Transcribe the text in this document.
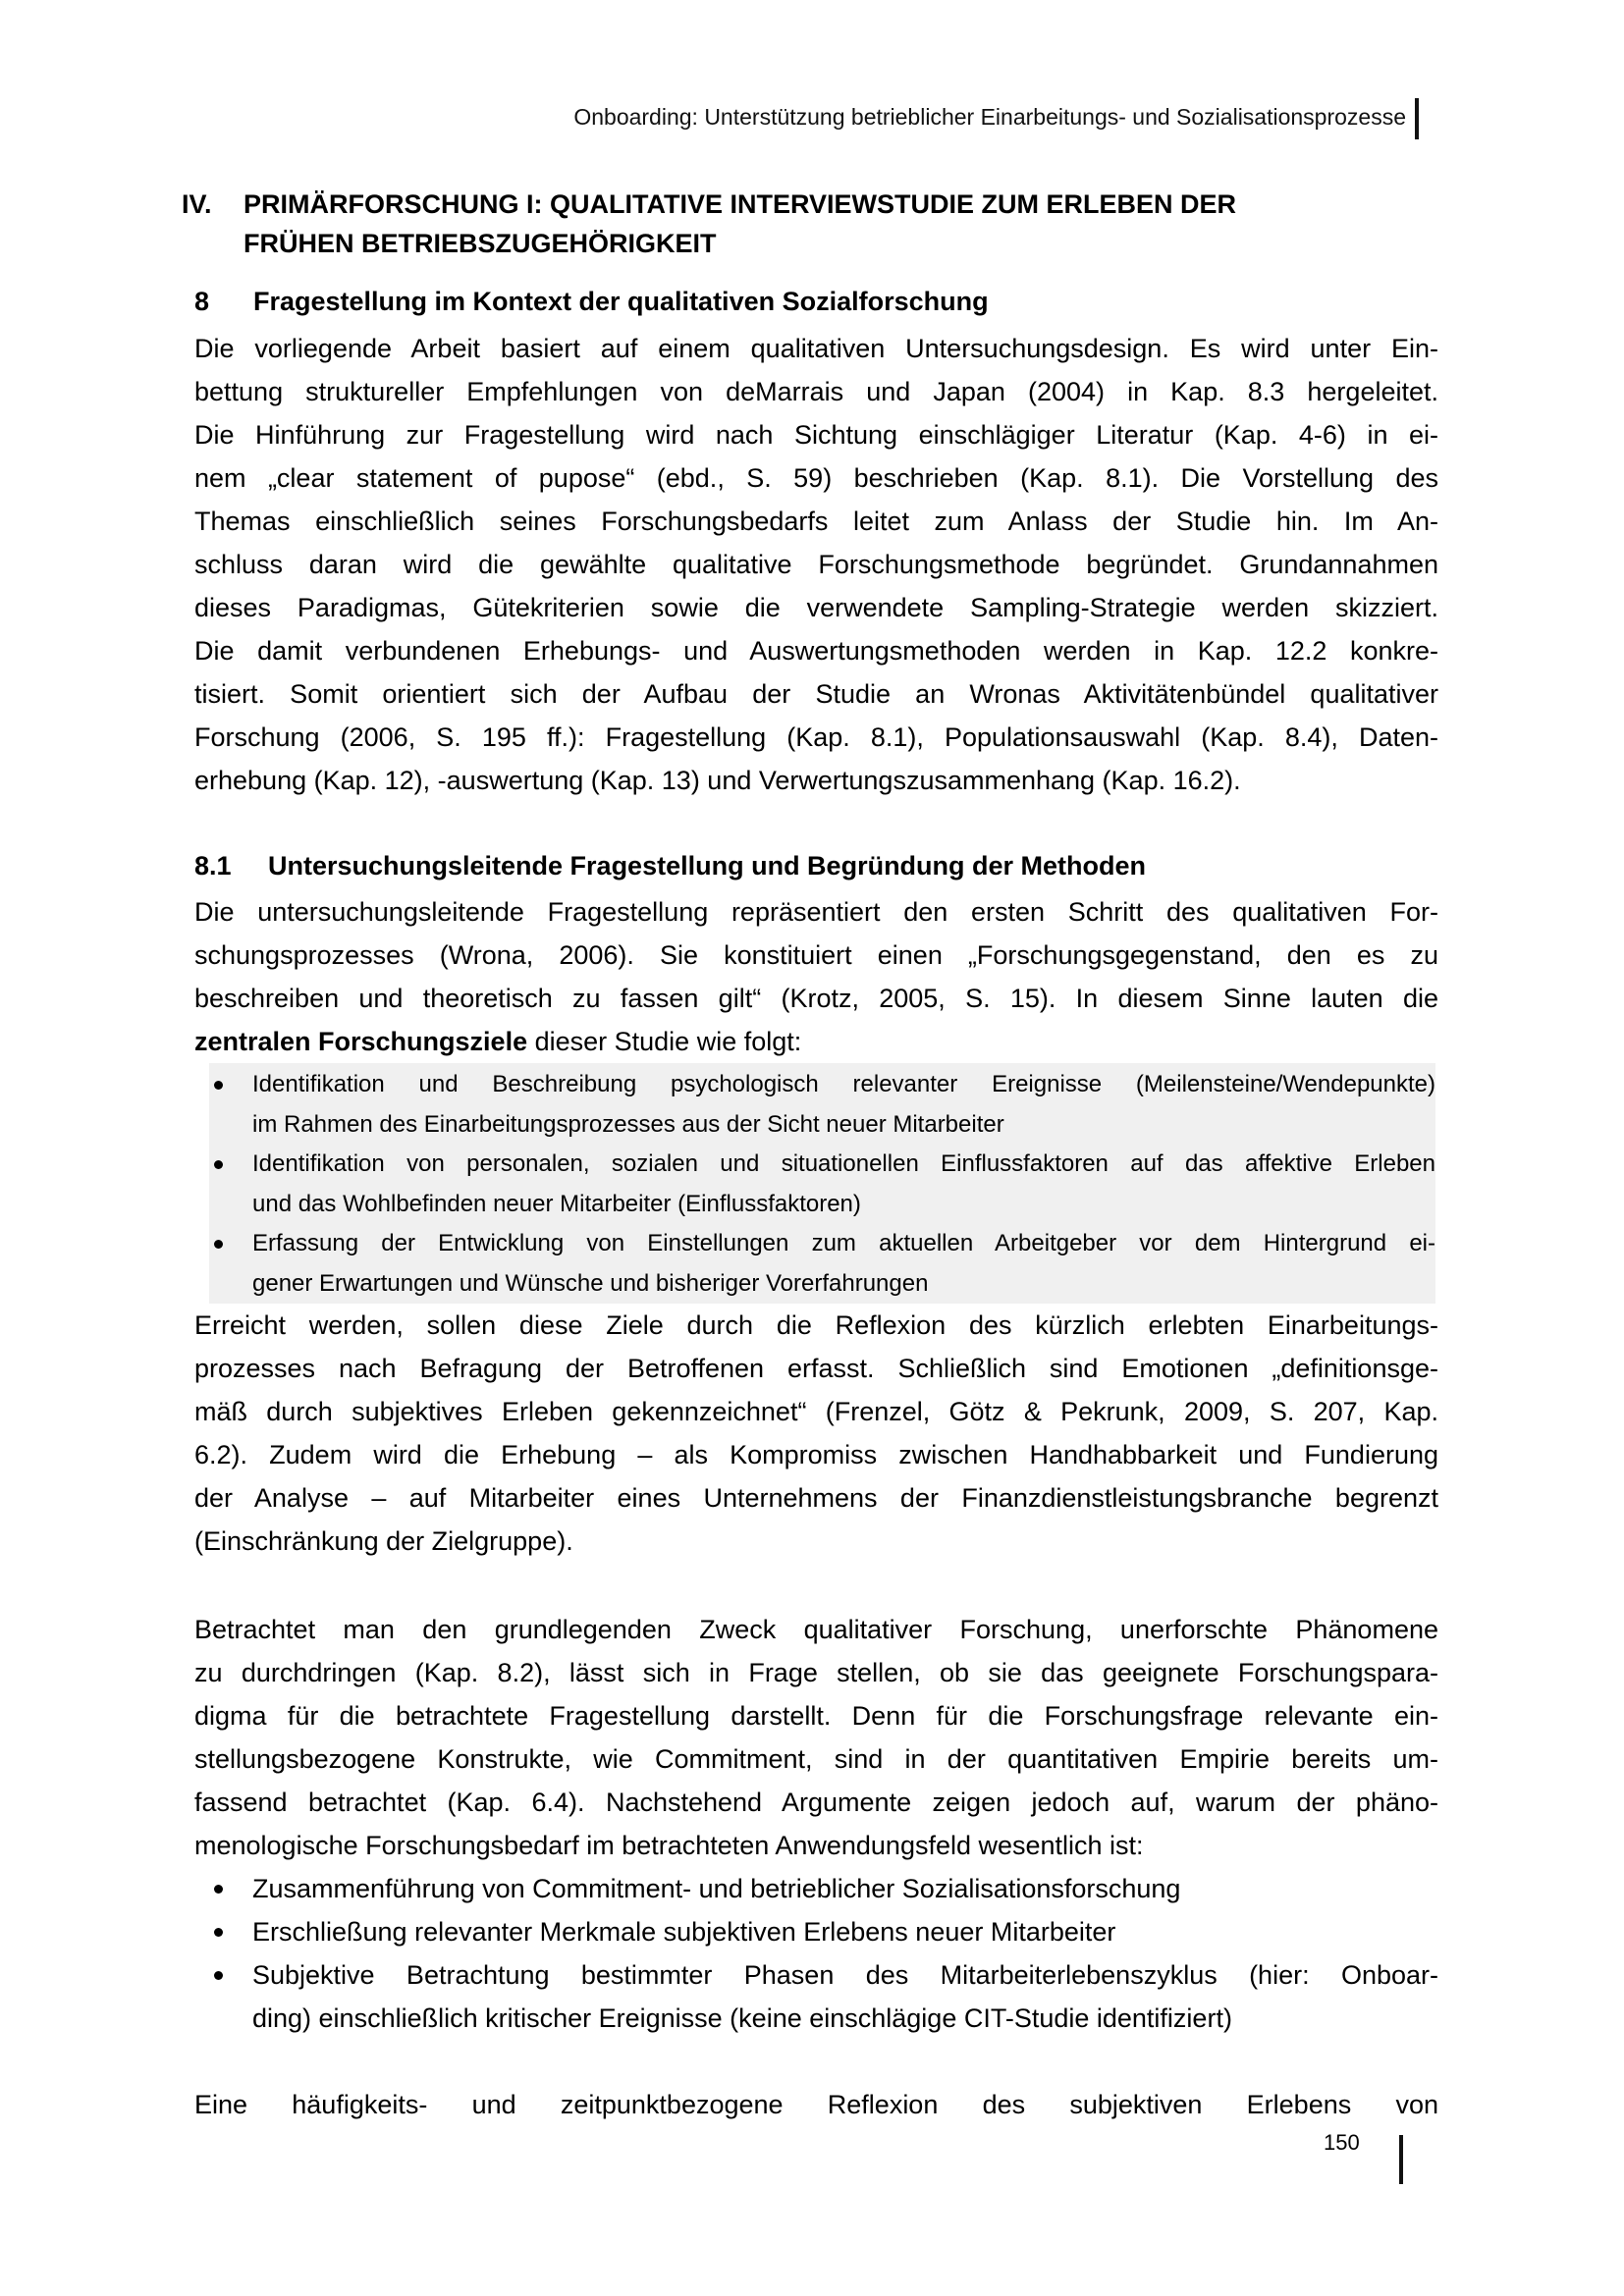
Onboarding: Unterstützung betrieblicher Einarbeitungs- und Sozialisationsprozesse
IV. PRIMÄRFORSCHUNG I: QUALITATIVE INTERVIEWSTUDIE ZUM ERLEBEN DER
FRÜHEN BETRIEBSZUGEHÖRIGKEIT
8 Fragestellung im Kontext der qualitativen Sozialforschung
Die vorliegende Arbeit basiert auf einem qualitativen Untersuchungsdesign. Es wird unter Ein-
bettung struktureller Empfehlungen von deMarrais und Japan (2004) in Kap. 8.3 hergeleitet.
Die Hinführung zur Fragestellung wird nach Sichtung einschlägiger Literatur (Kap. 4-6) in ei-
nem „clear statement of pupose“ (ebd., S. 59) beschrieben (Kap. 8.1). Die Vorstellung des
Themas einschließlich seines Forschungsbedarfs leitet zum Anlass der Studie hin. Im An-
schluss daran wird die gewählte qualitative Forschungsmethode begründet. Grundannahmen
dieses Paradigmas, Gütekriterien sowie die verwendete Sampling-Strategie werden skizziert.
Die damit verbundenen Erhebungs- und Auswertungsmethoden werden in Kap. 12.2 konkre-
tisiert. Somit orientiert sich der Aufbau der Studie an Wronas Aktivitätenbündel qualitativer
Forschung (2006, S. 195 ff.): Fragestellung (Kap. 8.1), Populationsauswahl (Kap. 8.4), Daten-
erhebung (Kap. 12), -auswertung (Kap. 13) und Verwertungszusammenhang (Kap. 16.2).
8.1 Untersuchungsleitende Fragestellung und Begründung der Methoden
Die untersuchungsleitende Fragestellung repräsentiert den ersten Schritt des qualitativen For-
schungsprozesses (Wrona, 2006). Sie konstituiert einen „Forschungsgegenstand, den es zu
beschreiben und theoretisch zu fassen gilt“ (Krotz, 2005, S. 15). In diesem Sinne lauten die
zentralen Forschungsziele dieser Studie wie folgt:
Identifikation und Beschreibung psychologisch relevanter Ereignisse (Meilensteine/Wendepunkte)
im Rahmen des Einarbeitungsprozesses aus der Sicht neuer Mitarbeiter
Identifikation von personalen, sozialen und situationellen Einflussfaktoren auf das affektive Erleben
und das Wohlbefinden neuer Mitarbeiter (Einflussfaktoren)
Erfassung der Entwicklung von Einstellungen zum aktuellen Arbeitgeber vor dem Hintergrund ei-
gener Erwartungen und Wünsche und bisheriger Vorerfahrungen
Erreicht werden, sollen diese Ziele durch die Reflexion des kürzlich erlebten Einarbeitungs-
prozesses nach Befragung der Betroffenen erfasst. Schließlich sind Emotionen „definitionsge-
mäß durch subjektives Erleben gekennzeichnet“ (Frenzel, Götz & Pekrunk, 2009, S. 207, Kap.
6.2). Zudem wird die Erhebung – als Kompromiss zwischen Handhabbarkeit und Fundierung
der Analyse – auf Mitarbeiter eines Unternehmens der Finanzdienstleistungsbranche begrenzt
(Einschränkung der Zielgruppe).
Betrachtet man den grundlegenden Zweck qualitativer Forschung, unerforschte Phänomene
zu durchdringen (Kap. 8.2), lässt sich in Frage stellen, ob sie das geeignete Forschungspara-
digma für die betrachtete Fragestellung darstellt. Denn für die Forschungsfrage relevante ein-
stellungsbezogene Konstrukte, wie Commitment, sind in der quantitativen Empirie bereits um-
fassend betrachtet (Kap. 6.4). Nachstehend Argumente zeigen jedoch auf, warum der phäno-
menologische Forschungsbedarf im betrachteten Anwendungsfeld wesentlich ist:
Zusammenführung von Commitment- und betrieblicher Sozialisationsforschung
Erschließung relevanter Merkmale subjektiven Erlebens neuer Mitarbeiter
Subjektive Betrachtung bestimmter Phasen des Mitarbeiterlebenszyklus (hier: Onboar-
ding) einschließlich kritischer Ereignisse (keine einschlägige CIT-Studie identifiziert)
Eine häufigkeits- und zeitpunktbezogene Reflexion des subjektiven Erlebens von
150
